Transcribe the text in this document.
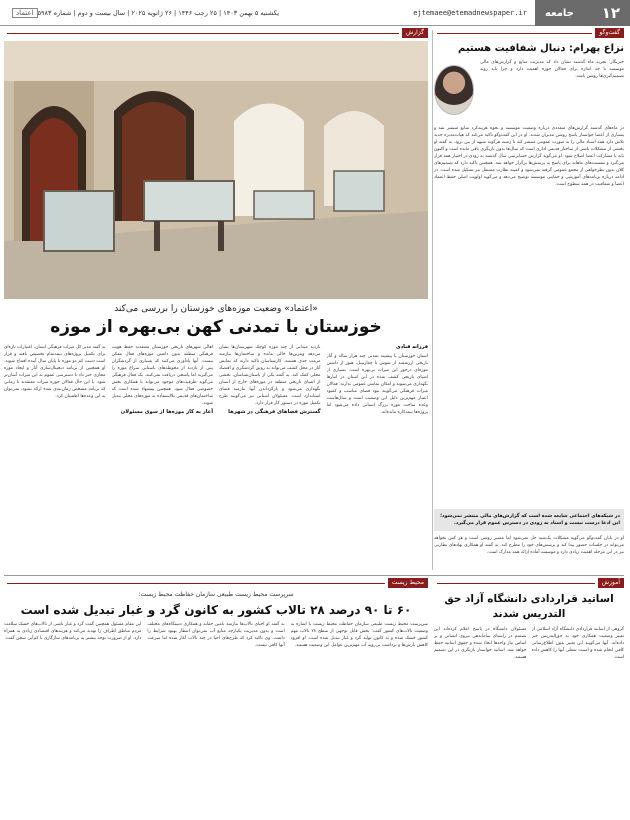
۱۲
جامعه
ejtemaee@etemadnewspaper.ir
یکشنبه ۵ بهمن ۱۴۰۳ | ۲۵ رجب ۱۴۴۶ | ۲۶ ژانویه ۲۰۲۵ | سال بیست و دوم | شماره ۵۹۸۳
اعتماد
گفت‌وگو
نزاع پهرام: دنبال شفافیت هستیم
خبرنگار: تجربه ماه گذشته نشان داد که مدیریت منابع و گزارش‌های مالی موسسه تا چه اندازه برای فعالان حوزه اهمیت دارد و چرا باید روند تصمیم‌گیری‌ها روشن باشد.
در ماه‌های گذشته گزارش‌های متعددی درباره وضعیت موسسه و نحوه هزینه‌کرد منابع منتشر شد و بسیاری از اعضا خواستار پاسخ روشن مدیران شدند. او در این گفت‌وگو تاکید می‌کند که هیات‌مدیره جدید تلاش دارد همه اسناد مالی را به صورت عمومی منتشر کند تا زمینه هرگونه شبهه از بین برود. به گفته او بخشی از مشکلات ناشی از ساختار قدیمی اداری است که سال‌ها بدون بازنگری باقی مانده است و اکنون باید با مشارکت اعضا اصلاح شود. او می‌گوید گزارش حسابرسی سال گذشته به زودی در اختیار همه قرار می‌گیرد و نشست‌های ماهانه برای پاسخ به پرسش‌ها برگزار خواهد شد. همچنین تاکید دارد که تصمیم‌های کلان بدون نظرخواهی از مجمع عمومی گرفته نمی‌شود و کمیته نظارت مستقل نیز تشکیل شده است. در ادامه درباره برنامه‌های آموزشی و حمایتی موسسه توضیح می‌دهد و می‌گوید اولویت اصلی حفظ اعتماد اعضا و شفافیت در همه سطوح است.
در شبکه‌های اجتماعی شایعه شده است که گزارش‌های مالی منتشر نمی‌شود؛ این ادعا درست نیست و اسناد به زودی در دسترس عموم قرار می‌گیرد.
او در پایان گفت‌وگو می‌گوید مشکلات یک‌شبه حل نمی‌شود اما مسیر روشن است و هر کس بخواهد می‌تواند در جلسات حضور پیدا کند و پرسش‌های خود را مطرح کند. به گفته او همکاری نهادهای نظارتی نیز در این مرحله اهمیت زیادی دارد و موسسه آماده ارائه همه مدارک است.
گزارش
«اعتماد» وضعیت موزه‌های خوزستان را بررسی می‌کند
خوزستان با تمدنی کهن بی‌بهره از موزه
فرزانه قبادی

استان خوزستان با پیشینه تمدنی چند هزار ساله و آثار تاریخی ارزشمند از شوش تا چغازنبیل، هنوز از داشتن موزه‌ای درخور این میراث بی‌بهره است. بسیاری از اشیای تاریخی کشف شده در این استان در انبارها نگهداری می‌شوند و امکان نمایش عمومی ندارند. فعالان میراث فرهنگی می‌گویند نبود فضای مناسب و کمبود اعتبار مهم‌ترین دلیل این وضعیت است و سال‌هاست وعده ساخت موزه بزرگ استانی داده می‌شود اما پروژه‌ها نیمه‌کاره مانده‌اند.

بازدید میدانی از چند موزه کوچک شهرستان‌ها نشان می‌دهد ویترین‌ها خالی مانده و ساختمان‌ها نیازمند مرمت جدی هستند. کارشناسان تاکید دارند که نمایش آثار در محل کشف می‌تواند به رونق گردشگری و اقتصاد محلی کمک کند. به گفته یکی از باستان‌شناسان، بخشی از اشیای تاریخی منطقه در موزه‌های خارج از استان نگهداری می‌شود و بازگرداندن آنها نیازمند فضای استاندارد است. مسئولان استانی نیز می‌گویند طرح تکمیل موزه در دستور کار قرار دارد.

گسترش فضاهای فرهنگی در شهرها

اهالی شهرهای تاریخی خوزستان معتقدند حفظ هویت فرهنگی منطقه بدون داشتن موزه‌های فعال ممکن نیست. آنها یادآوری می‌کنند که بسیاری از گردشگران پس از بازدید از محوطه‌های باستانی سراغ موزه را می‌گیرند اما پاسخی دریافت نمی‌کنند. یک فعال فرهنگی می‌گوید ظرفیت‌های موجود می‌تواند با همکاری بخش خصوصی فعال شود. همچنین پیشنهاد شده است که ساختمان‌های قدیمی بلااستفاده به موزه‌های محلی تبدیل شوند.

آغاز به کار موزه‌ها از سوی مسئولان

به گفته مدیر کل میراث فرهنگی استان، اعتبارات تازه‌ای برای تکمیل پروژه‌های نیمه‌تمام تخصیص یافته و قرار است دست کم دو موزه تا پایان سال آینده افتتاح شوند. او همچنین از برنامه دیجیتال‌سازی آثار و ایجاد موزه مجازی خبر داد تا دسترسی عموم به این میراث آسان‌تر شود. با این حال فعالان حوزه میراث معتقدند تا زمانی که برنامه مشخص زمان‌بندی شده ارائه نشود، نمی‌توان به این وعده‌ها اطمینان کرد.

محیط زیست
سرپرست محیط زیست طبیعی سازمان حفاظت محیط زیست:
۶۰ تا ۹۰ درصد ۲۸ تالاب کشور به کانون گرد و غبار تبدیل شده است
سرپرست محیط زیست طبیعی سازمان حفاظت محیط زیست با اشاره به وضعیت تالاب‌های کشور گفت: بخش قابل توجهی از سطح ۲۸ تالاب مهم کشور خشک شده و به کانون تولید گرد و غبار تبدیل شده است. او افزود کاهش بارش‌ها و برداشت بی‌رویه آب مهم‌ترین عوامل این وضعیت هستند.
به گفته او احیای تالاب‌ها نیازمند تامین حقابه و همکاری دستگاه‌های مختلف است و بدون مدیریت یکپارچه منابع آب نمی‌توان انتظار بهبود شرایط را داشت. وی تاکید کرد که طرح‌های احیا در چند تالاب آغاز شده اما سرعت آنها کافی نیست.
این مقام مسئول همچنین گفت گرد و غبار ناشی از تالاب‌های خشک سلامت مردم مناطق اطراف را تهدید می‌کند و هزینه‌های اقتصادی زیادی به همراه دارد. او از ضرورت توجه بیشتر به برنامه‌های سازگاری با کم‌آبی سخن گفت.
آموزش
اساتید قراردادی دانشگاه آزاد حق التدریس شدند
گروهی از اساتید قراردادی دانشگاه آزاد اسلامی از تغییر وضعیت همکاری خود به حق‌التدریس خبر داده‌اند. آنها می‌گویند این تغییر بدون اطلاع‌رسانی کافی انجام شده و امنیت شغلی آنها را کاهش داده است.
مسئولان دانشگاه در پاسخ اعلام کرده‌اند این تصمیم در راستای ساماندهی نیروی انسانی و بر اساس نیاز واحدها اتخاذ شده و حقوق اساتید حفظ خواهد شد. اساتید خواستار بازنگری در این تصمیم هستند.
